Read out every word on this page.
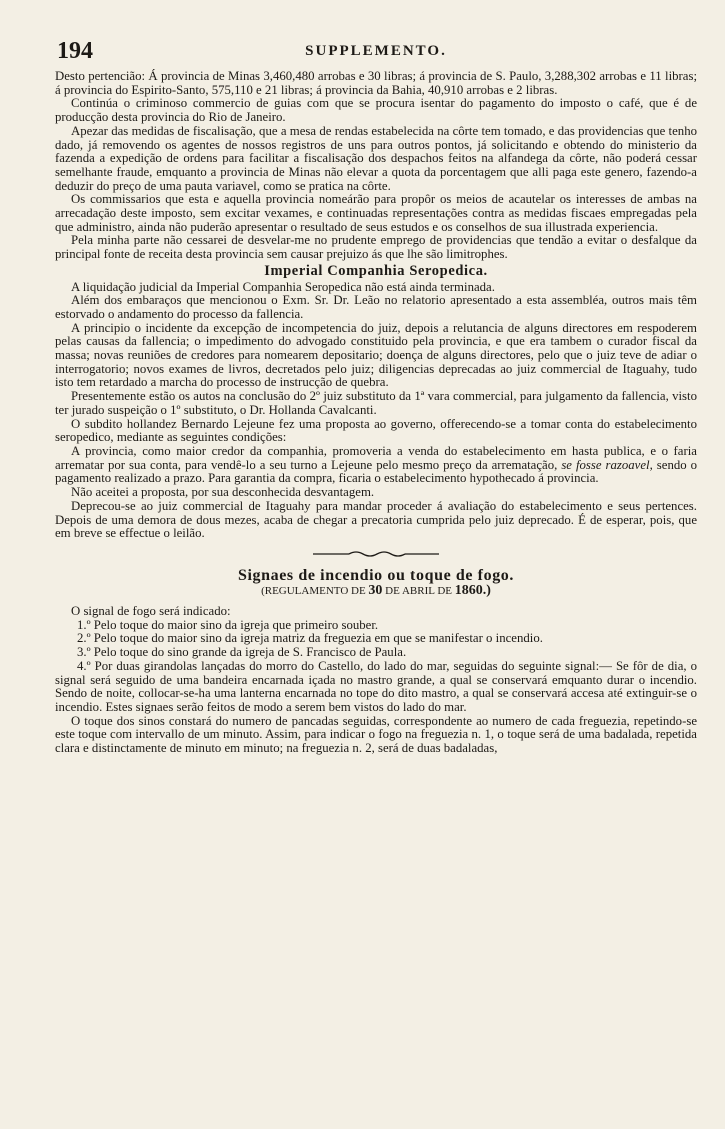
194	SUPPLEMENTO.

Desto pertencião: Á provincia de Minas 3,460,480 arrobas e 30 libras; á provincia de S. Paulo, 3,288,302 arrobas e 11 libras; á provincia do Espirito-Santo, 575,110 e 21 libras; á provincia da Bahia, 40,910 arrobas e 2 libras.

Continúa o criminoso commercio de guias com que se procura isentar do pagamento do imposto o café, que é de producção desta provincia do Rio de Janeiro.

Apezar das medidas de fiscalisação, que a mesa de rendas estabelecida na côrte tem tomado, e das providencias que tenho dado, já removendo os agentes de nossos registros de uns para outros pontos, já solicitando e obtendo do ministerio da fazenda a expedição de ordens para facilitar a fiscalisação dos despachos feitos na alfandega da côrte, não poderá cessar semelhante fraude, emquanto a provincia de Minas não elevar a quota da porcentagem que alli paga este genero, fazendo-a deduzir do preço de uma pauta variavel, como se pratica na côrte.

Os commissarios que esta e aquella provincia nomeárão para propôr os meios de acautelar os interesses de ambas na arrecadação deste imposto, sem excitar vexames, e continuadas representações contra as medidas fiscaes empregadas pela que administro, ainda não puderão apresentar o resultado de seus estudos e os conselhos de sua illustrada experiencia.

Pela minha parte não cessarei de desvelar-me no prudente emprego de providencias que tendão a evitar o desfalque da principal fonte de receita desta provincia sem causar prejuizo ás que lhe são limitrophes.

Imperial Companhia Seropedica.

A liquidação judicial da Imperial Companhia Seropedica não está ainda terminada.

Além dos embaraços que mencionou o Exm. Sr. Dr. Leão no relatorio apresentado a esta assembléa, outros mais têm estorvado o andamento do processo da fallencia.

A principio o incidente da excepção de incompetencia do juiz, depois a relutancia de alguns directores em respoderem pelas causas da fallencia; o impedimento do advogado constituido pela provincia, e que era tambem o curador fiscal da massa; novas reuniões de credores para nomearem depositario; doença de alguns directores, pelo que o juiz teve de adiar o interrogatorio; novos exames de livros, decretados pelo juiz; diligencias deprecadas ao juiz commercial de Itaguahy, tudo isto tem retardado a marcha do processo de instrucção de quebra.

Presentemente estão os autos na conclusão do 2º juiz substituto da 1ª vara commercial, para julgamento da fallencia, visto ter jurado suspeição o 1º substituto, o Dr. Hollanda Cavalcanti.

O subdito hollandez Bernardo Lejeune fez uma proposta ao governo, offerecendo-se a tomar conta do estabelecimento seropedico, mediante as seguintes condições:

A provincia, como maior credor da companhia, promoveria a venda do estabelecimento em hasta publica, e o faria arrematar por sua conta, para vendê-lo a seu turno a Lejeune pelo mesmo preço da arrematação, se fosse razoavel, sendo o pagamento realizado a prazo. Para garantia da compra, ficaria o estabelecimento hypothecado á provincia.

Não aceitei a proposta, por sua desconhecida desvantagem.

Deprecou-se ao juiz commercial de Itaguahy para mandar proceder á avaliação do estabelecimento e seus pertences. Depois de uma demora de dous mezes, acaba de chegar a precatoria cumprida pelo juiz deprecado. É de esperar, pois, que em breve se effectue o leilão.

Signaes de incendio ou toque de fogo.
(REGULAMENTO DE 30 DE ABRIL DE 1860.)

O signal de fogo será indicado:

1.º Pelo toque do maior sino da igreja que primeiro souber.

2.º Pelo toque do maior sino da igreja matriz da freguezia em que se manifestar o incendio.

3.º Pelo toque do sino grande da igreja de S. Francisco de Paula.

4.º Por duas girandolas lançadas do morro do Castello, do lado do mar, seguidas do seguinte signal:— Se fôr de dia, o signal será seguido de uma bandeira encarnada içada no mastro grande, a qual se conservará emquanto durar o incendio. Sendo de noite, collocar-se-ha uma lanterna encarnada no tope do dito mastro, a qual se conservará accesa até extinguir-se o incendio. Estes signaes serão feitos de modo a serem bem vistos do lado do mar.

O toque dos sinos constará do numero de pancadas seguidas, correspondente ao numero de cada freguezia, repetindo-se este toque com intervallo de um minuto. Assim, para indicar o fogo na freguezia n. 1, o toque será de uma badalada, repetida clara e distinctamente de minuto em minuto; na freguezia n. 2, será de duas badaladas,
